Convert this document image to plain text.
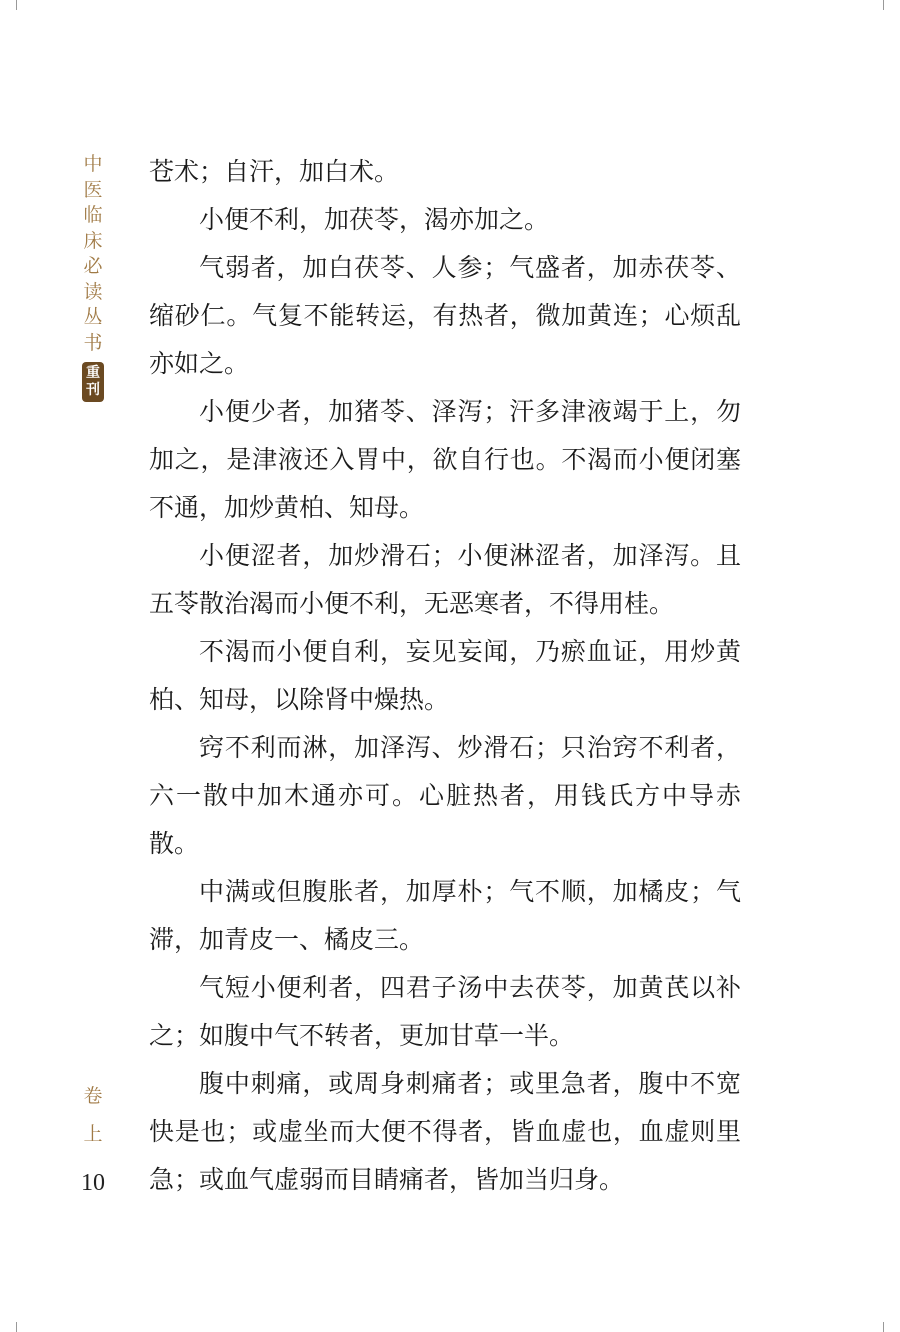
中
医
临
床
必
读
丛
书
重
刊
卷
上
10

苍术；自汗，加白术。

小便不利，加茯苓，渴亦加之。

气弱者，加白茯苓、人参；气盛者，加赤茯苓、缩砂仁。气复不能转运，有热者，微加黄连；心烦乱亦如之。

小便少者，加猪苓、泽泻；汗多津液竭于上，勿加之，是津液还入胃中，欲自行也。不渴而小便闭塞不通，加炒黄柏、知母。

小便涩者，加炒滑石；小便淋涩者，加泽泻。且五苓散治渴而小便不利，无恶寒者，不得用桂。

不渴而小便自利，妄见妄闻，乃瘀血证，用炒黄柏、知母，以除肾中燥热。

窍不利而淋，加泽泻、炒滑石；只治窍不利者，六一散中加木通亦可。心脏热者，用钱氏方中导赤散。

中满或但腹胀者，加厚朴；气不顺，加橘皮；气滞，加青皮一、橘皮三。

气短小便利者，四君子汤中去茯苓，加黄芪以补之；如腹中气不转者，更加甘草一半。

腹中刺痛，或周身刺痛者；或里急者，腹中不宽快是也；或虚坐而大便不得者，皆血虚也，血虚则里急；或血气虚弱而目睛痛者，皆加当归身。
